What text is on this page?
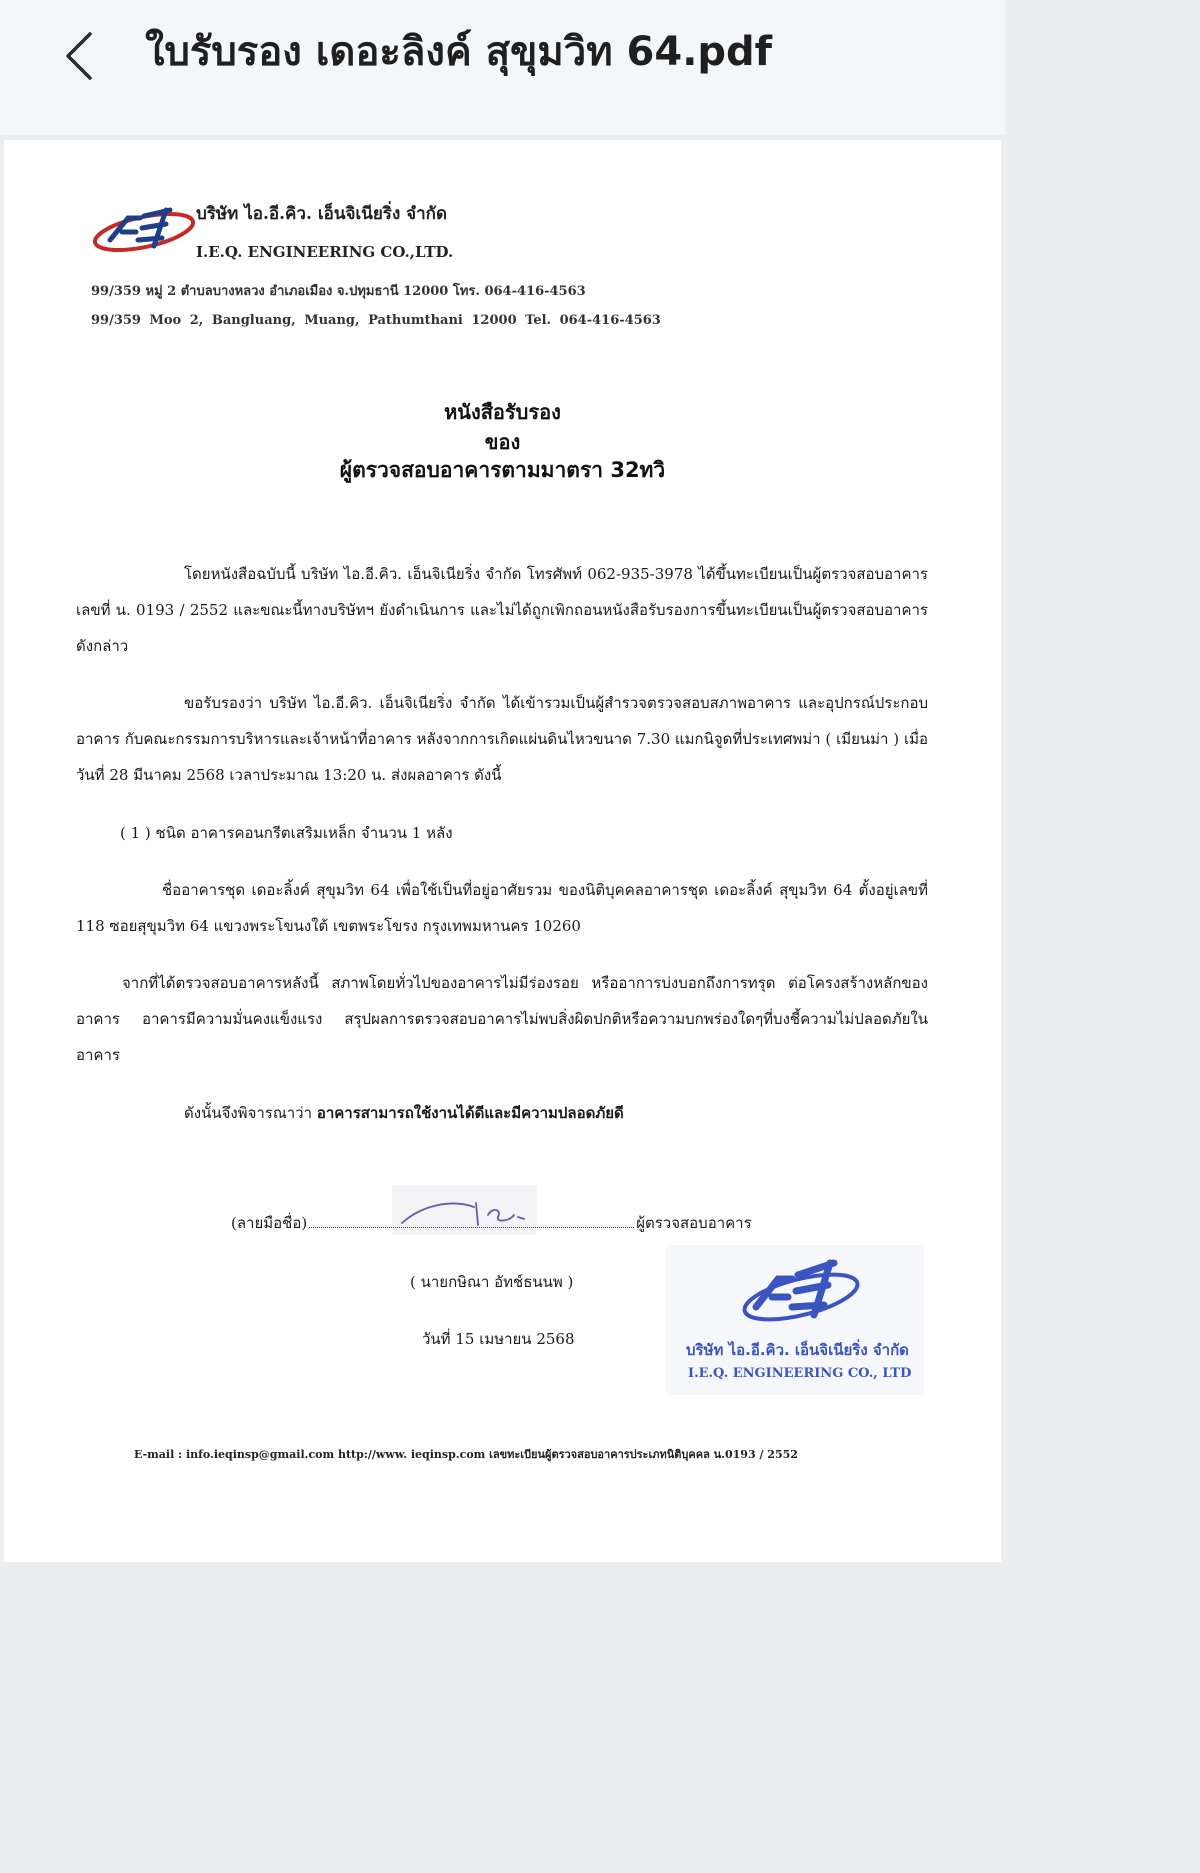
ใบรับรอง เดอะลิงค์ สุขุมวิท 64.pdf
บริษัท ไอ.อี.คิว. เอ็นจิเนียริ่ง จำกัด
I.E.Q. ENGINEERING CO.,LTD.
99/359 หมู่ 2 ตำบลบางหลวง อำเภอเมือง จ.ปทุมธานี 12000 โทร. 064-416-4563
99/359 Moo 2, Bangluang, Muang, Pathumthani 12000 Tel. 064-416-4563
หนังสือรับรอง
ของ
ผู้ตรวจสอบอาคารตามมาตรา 32ทวิ
โดยหนังสือฉบับนี้ บริษัท ไอ.อี.คิว. เอ็นจิเนียริ่ง จำกัด โทรศัพท์ 062-935-3978 ได้ขึ้นทะเบียนเป็นผู้ตรวจสอบอาคาร เลขที่ น. 0193 / 2552 และขณะนี้ทางบริษัทฯ ยังดำเนินการ และไม่ได้ถูกเพิกถอนหนังสือรับรองการขึ้นทะเบียนเป็นผู้ตรวจสอบอาคารดังกล่าว
ขอรับรองว่า บริษัท ไอ.อี.คิว. เอ็นจิเนียริ่ง จำกัด ได้เข้ารวมเป็นผู้สำรวจตรวจสอบสภาพอาคาร และอุปกรณ์ประกอบอาคาร กับคณะกรรมการบริหารและเจ้าหน้าที่อาคาร หลังจากการเกิดแผ่นดินไหวขนาด 7.30 แมกนิจูดที่ประเทศพม่า ( เมียนม่า ) เมื่อวันที่ 28 มีนาคม 2568 เวลาประมาณ 13:20 น. ส่งผลอาคาร ดังนี้
( 1 ) ชนิด อาคารคอนกรีตเสริมเหล็ก จำนวน 1 หลัง
ชื่ออาคารชุด เดอะลิ้งค์ สุขุมวิท 64 เพื่อใช้เป็นที่อยู่อาศัยรวม ของนิติบุคคลอาคารชุด เดอะลิ้งค์ สุขุมวิท 64 ตั้งอยู่เลขที่ 118 ซอยสุขุมวิท 64 แขวงพระโขนงใต้ เขตพระโขรง กรุงเทพมหานคร 10260
จากที่ได้ตรวจสอบอาคารหลังนี้ สภาพโดยทั่วไปของอาคารไม่มีร่องรอย หรืออาการบ่งบอกถึงการทรุด ต่อโครงสร้างหลักของอาคาร อาคารมีความมั่นคงแข็งแรง สรุปผลการตรวจสอบอาคารไม่พบสิ่งผิดปกติหรือความบกพร่องใดๆที่บงชี้ความไม่ปลอดภัยในอาคาร
ดังนั้นจึงพิจารณาว่า อาคารสามารถใช้งานได้ดีและมีความปลอดภัยดี
(ลายมือชื่อ)	ผู้ตรวจสอบอาคาร
( นายกษิณา อัทช์ธนนพ )
วันที่ 15 เมษายน 2568
บริษัท ไอ.อี.คิว. เอ็นจิเนียริ่ง จำกัด
I.E.Q. ENGINEERING CO., LTD
E-mail : info.ieqinsp@gmail.com http://www. ieqinsp.com เลขทะเบียนผู้ตรวจสอบอาคารประเภทนิติบุคคล น.0193 / 2552
